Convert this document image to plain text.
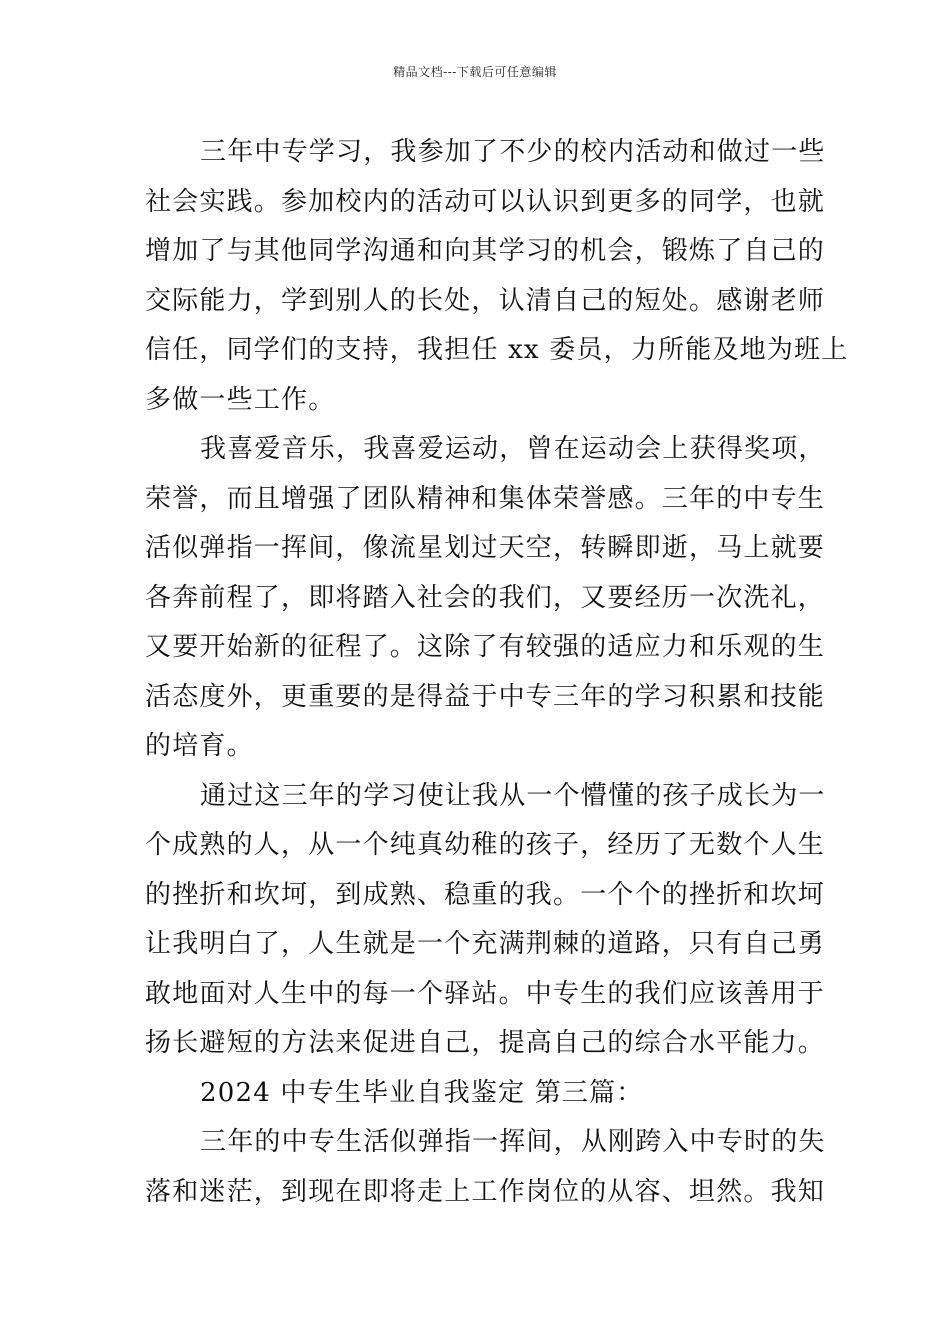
精品文档---下载后可任意编辑
三年中专学习，我参加了不少的校内活动和做过一些
社会实践。参加校内的活动可以认识到更多的同学，也就
增加了与其他同学沟通和向其学习的机会，锻炼了自己的
交际能力，学到别人的长处，认清自己的短处。感谢老师
信任，同学们的支持，我担任 xx 委员，力所能及地为班上
多做一些工作。
我喜爱音乐，我喜爱运动，曾在运动会上获得奖项，
荣誉，而且增强了团队精神和集体荣誉感。三年的中专生
活似弹指一挥间，像流星划过天空，转瞬即逝，马上就要
各奔前程了，即将踏入社会的我们，又要经历一次洗礼，
又要开始新的征程了。这除了有较强的适应力和乐观的生
活态度外，更重要的是得益于中专三年的学习积累和技能
的培育。
通过这三年的学习使让我从一个懵懂的孩子成长为一
个成熟的人，从一个纯真幼稚的孩子，经历了无数个人生
的挫折和坎坷，到成熟、稳重的我。一个个的挫折和坎坷
让我明白了，人生就是一个充满荆棘的道路，只有自己勇
敢地面对人生中的每一个驿站。中专生的我们应该善用于
扬长避短的方法来促进自己，提高自己的综合水平能力。
2024 中专生毕业自我鉴定 第三篇：
三年的中专生活似弹指一挥间，从刚跨入中专时的失
落和迷茫，到现在即将走上工作岗位的从容、坦然。我知
